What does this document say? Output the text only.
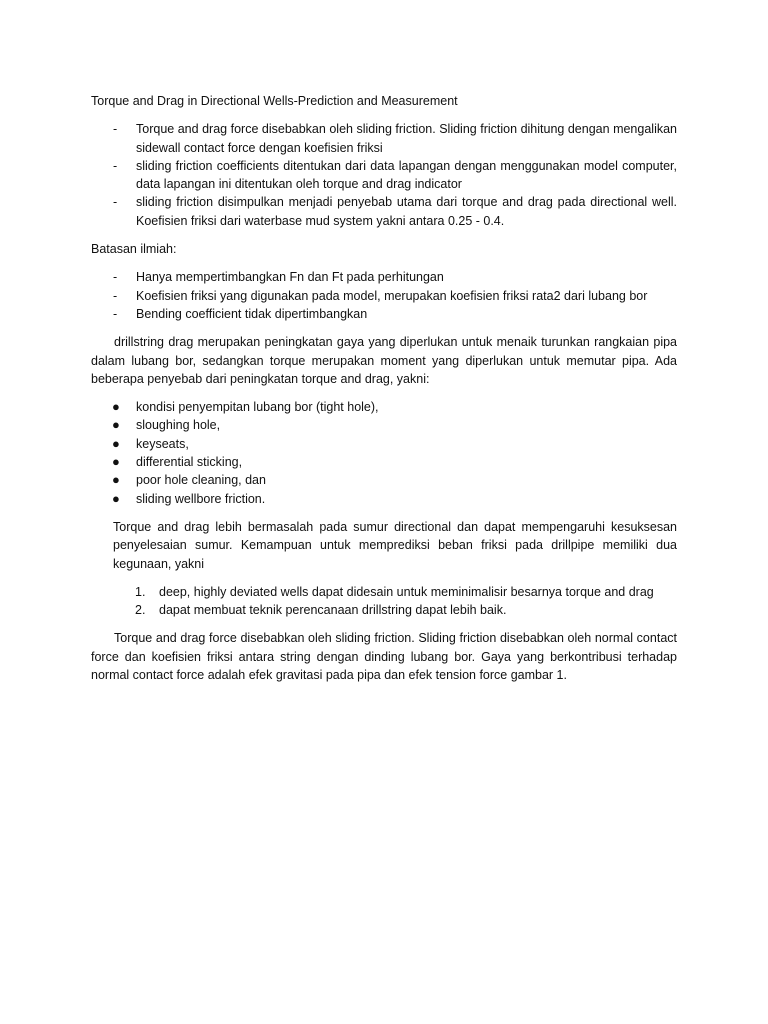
Torque and Drag in Directional Wells-Prediction and Measurement

- Torque and drag force disebabkan oleh sliding friction. Sliding friction dihitung dengan mengalikan sidewall contact force dengan koefisien friksi
- sliding friction coefficients ditentukan dari data lapangan dengan menggunakan model computer, data lapangan ini ditentukan oleh torque and drag indicator
- sliding friction disimpulkan menjadi penyebab utama dari torque and drag pada directional well. Koefisien friksi dari waterbase mud system yakni antara 0.25 - 0.4.

Batasan ilmiah:

- Hanya mempertimbangkan Fn dan Ft pada perhitungan
- Koefisien friksi yang digunakan pada model, merupakan koefisien friksi rata2 dari lubang bor
- Bending coefficient tidak dipertimbangkan

drillstring drag merupakan peningkatan gaya yang diperlukan untuk menaik turunkan rangkaian pipa dalam lubang bor, sedangkan torque merupakan moment yang diperlukan untuk memutar pipa. Ada beberapa penyebab dari peningkatan torque and drag, yakni:

● kondisi penyempitan lubang bor (tight hole),
● sloughing hole,
● keyseats,
● differential sticking,
● poor hole cleaning, dan
● sliding wellbore friction.

Torque and drag lebih bermasalah pada sumur directional dan dapat mempengaruhi kesuksesan penyelesaian sumur. Kemampuan untuk memprediksi beban friksi pada drillpipe memiliki dua kegunaan, yakni

1. deep, highly deviated wells dapat didesain untuk meminimalisir besarnya torque and drag
2. dapat membuat teknik perencanaan drillstring dapat lebih baik.

Torque and drag force disebabkan oleh sliding friction. Sliding friction disebabkan oleh normal contact force dan koefisien friksi antara string dengan dinding lubang bor. Gaya yang berkontribusi terhadap normal contact force adalah efek gravitasi pada pipa dan efek tension force gambar 1.
